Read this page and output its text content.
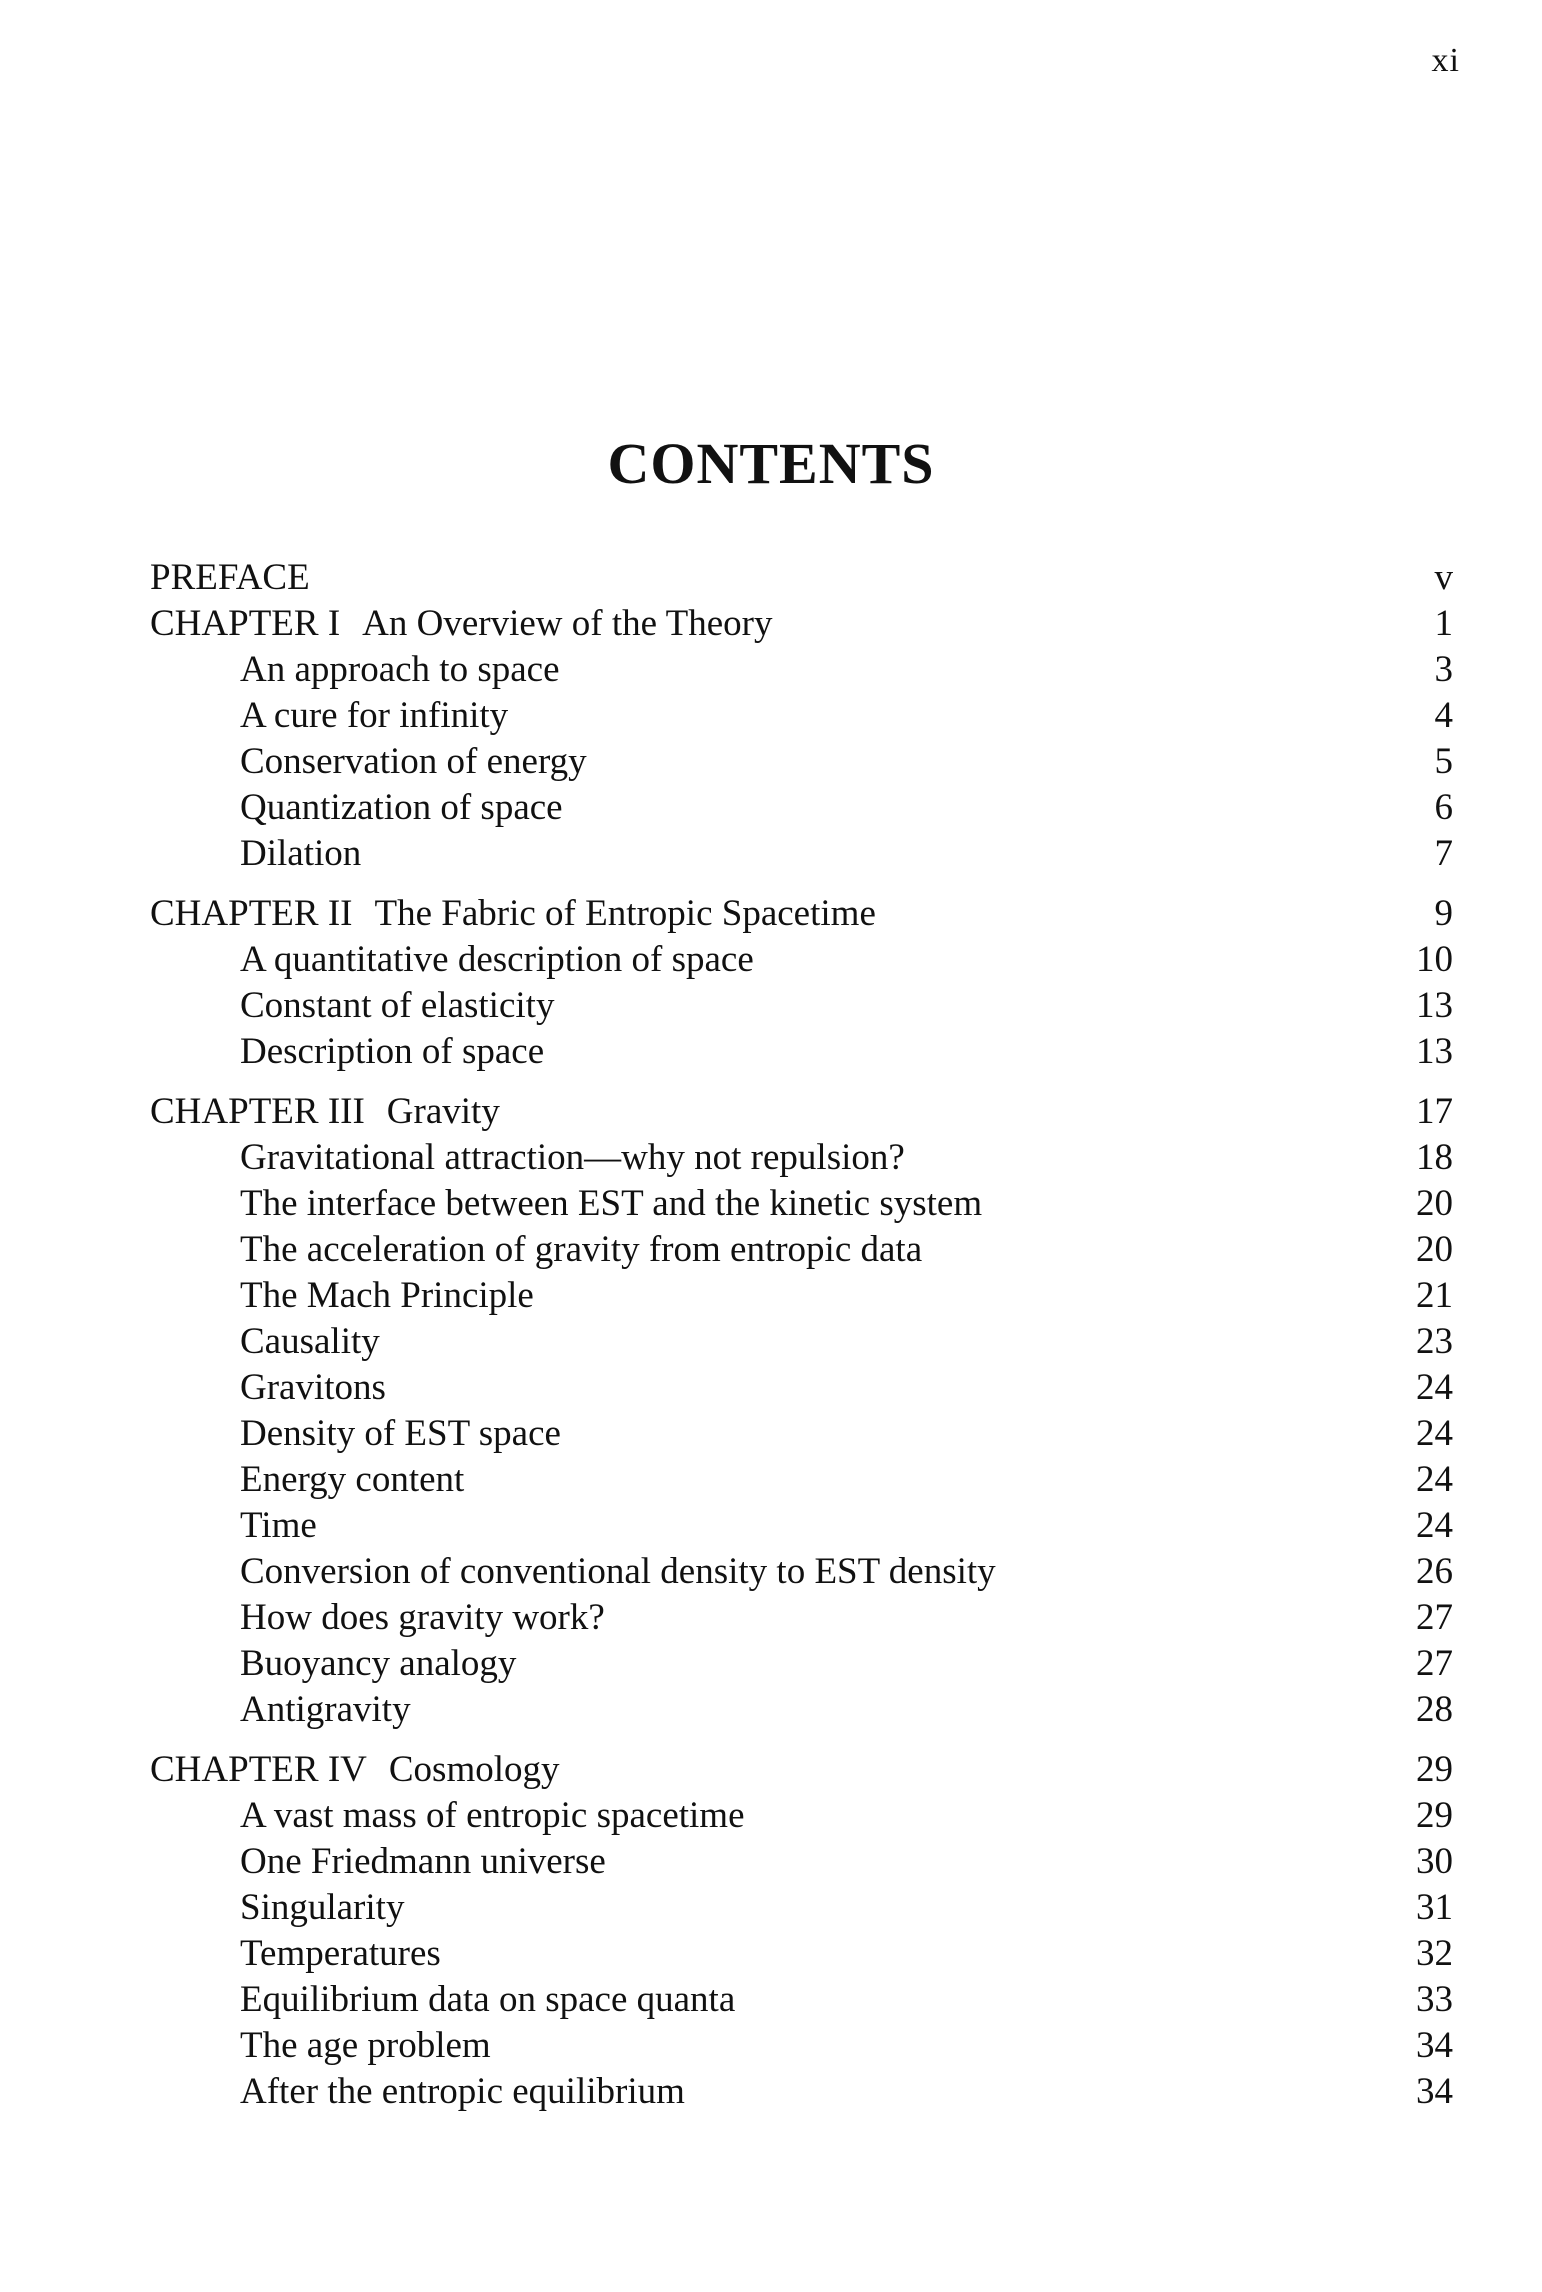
xi
CONTENTS
PREFACE	v
CHAPTER I An Overview of the Theory	1
An approach to space	3
A cure for infinity	4
Conservation of energy	5
Quantization of space	6
Dilation	7
CHAPTER II The Fabric of Entropic Spacetime	9
A quantitative description of space	10
Constant of elasticity	13
Description of space	13
CHAPTER III Gravity	17
Gravitational attraction—why not repulsion?	18
The interface between EST and the kinetic system	20
The acceleration of gravity from entropic data	20
The Mach Principle	21
Causality	23
Gravitons	24
Density of EST space	24
Energy content	24
Time	24
Conversion of conventional density to EST density	26
How does gravity work?	27
Buoyancy analogy	27
Antigravity	28
CHAPTER IV Cosmology	29
A vast mass of entropic spacetime	29
One Friedmann universe	30
Singularity	31
Temperatures	32
Equilibrium data on space quanta	33
The age problem	34
After the entropic equilibrium	34
